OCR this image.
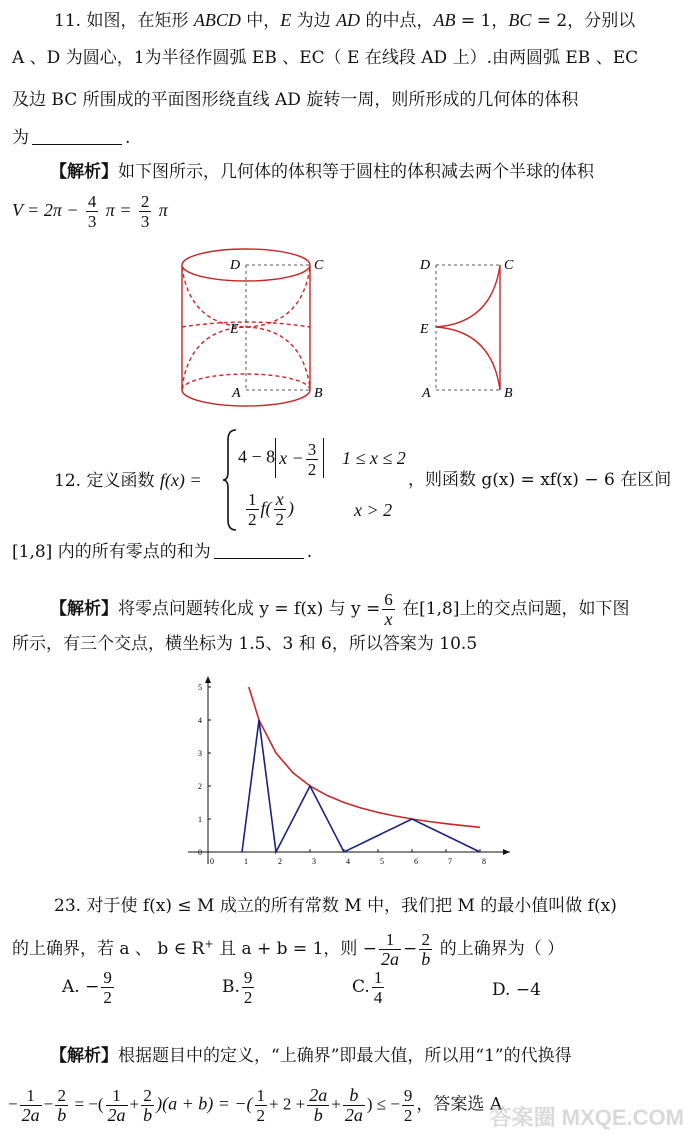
11. 如图，在矩形 ABCD 中，E 为边 AD 的中点，AB = 1，BC = 2，分别以
A 、D 为圆心，1为半径作圆弧 EB 、EC（ E 在线段 AD 上）.由两圆弧 EB 、EC
及边 BC 所围成的平面图形绕直线 AD 旋转一周，则所形成的几何体的体积
为	.
【解析】如下图所示，几何体的体积等于圆柱的体积减去两个半球的体积
$V = 2\pi - \frac{4}{3}$ $\pi = \frac{2}{3}$ π
D	C
E
A	B
D	C
E
A	B
12. 定义函数 f(x) =
4 − 8 $x - \frac{3}{2} 1 \le x \le 2$
$\frac{1}{2} f( \frac{x}{2}$ )	x > 2
，则函数 g(x) = xf(x) − 6 在区间
[1,8] 内的所有零点的和为	.
【解析】将零点问题转化成 y = f(x) 与 $y = \frac{6}{x}$ 在[1,8]上的交点问题，如下图
所示，有三个交点，横坐标为 1.5、3 和 6，所以答案为 10.5
0	1	2	3	4	5	6	7	8
0
1
2
3
4
5
23. 对于使 f(x) ≤ M 成立的所有常数 M 中，我们把 M 的最小值叫做 f(x)
的上确界，若 a 、 b ∈ R+ 且 a + b = 1，则 − $\frac{1}{2a} - \frac{2}{b}$ 的上确界为（ ）
A. − $\frac{9}{2}$	B. $\frac{9}{2}$	C. $\frac{1}{4}$	D. −4
【解析】根据题目中的定义，“上确界”即最大值，所以用“1”的代换得
− $\frac{1}{2a} - \frac{2}{b}$ = −( $\frac{1}{2a} + \frac{2}{b} )(a + b)$ = −( $\frac{1}{2} + 2 + \frac{2a}{b} + \frac{b}{2a}$ ) ≤ − $\frac{9}{2}$ ，答案选 A
答案圈 MXQE.COM
